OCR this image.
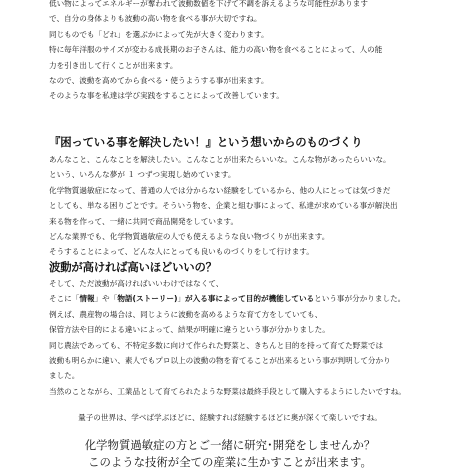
低い物によってエネルギーが奪われて波動数値を下げて不調を訴えるような可能性があります

で、自分の身体よりも波動の高い物を食べる事が大切ですね。

同じものでも「どれ」を選ぶかによって先が大きく変わります。

特に毎年洋服のサイズが変わる成長期のお子さんは、能力の高い物を食べることによって、人の能

力を引き出して行くことが出来ます。

なので、波動を高めてから食べる・使うようする事が出来ます。

そのような事を私達は学び実践をすることによって改善しています。

『困っている事を解決したい！』という想いからのものづくり

あんなこと、こんなことを解決したい。こんなことが出来たらいいな。こんな物があったらいいな。

という、いろんな夢が １ つずつ実現し始めています。

化学物質過敏症になって、普通の人では分からない経験をしているから、他の人にとっては気づきだ

としても、単なる困りごとです。そういう物を、企業と組む事によって、私達が求めている事が解決出

来る物を作って、一緒に共同で商品開発をしています。

どんな業界でも、化学物質過敏症の人でも使えるような良い物づくりが出来ます。

そうすることによって、どんな人にとっても良いものづくりをして行けます。

波動が高ければ高いほどいいの？

そして、ただ波動が高ければいいわけではなくて、

そこに「情報」や「物語(ストーリー)」が入る事によって目的が機能しているという事が分かりました。

例えば、農産物の場合は、同じように波動を高めるような育て方をしていても、

保管方法や目的による違いによって、結果が明確に違うという事が分かりました。

同じ農法であっても、不特定多数に向けて作られた野菜と、きちんと目的を持って育てた野菜では

波動も明らかに違い、素人でもプロ以上の波動の物を育てることが出来るという事が判明して分かり

ました。

当然のことながら、工業品として育てられたような野菜は最終手段として購入するようにしたいですね。

量子の世界は、学べば学ぶほどに、経験すれば経験するほどに奥が深くて楽しいですね。
化学物質過敏症の方とご一緒に研究･開発をしませんか？
このような技術が全ての産業に生かすことが出来ます。
